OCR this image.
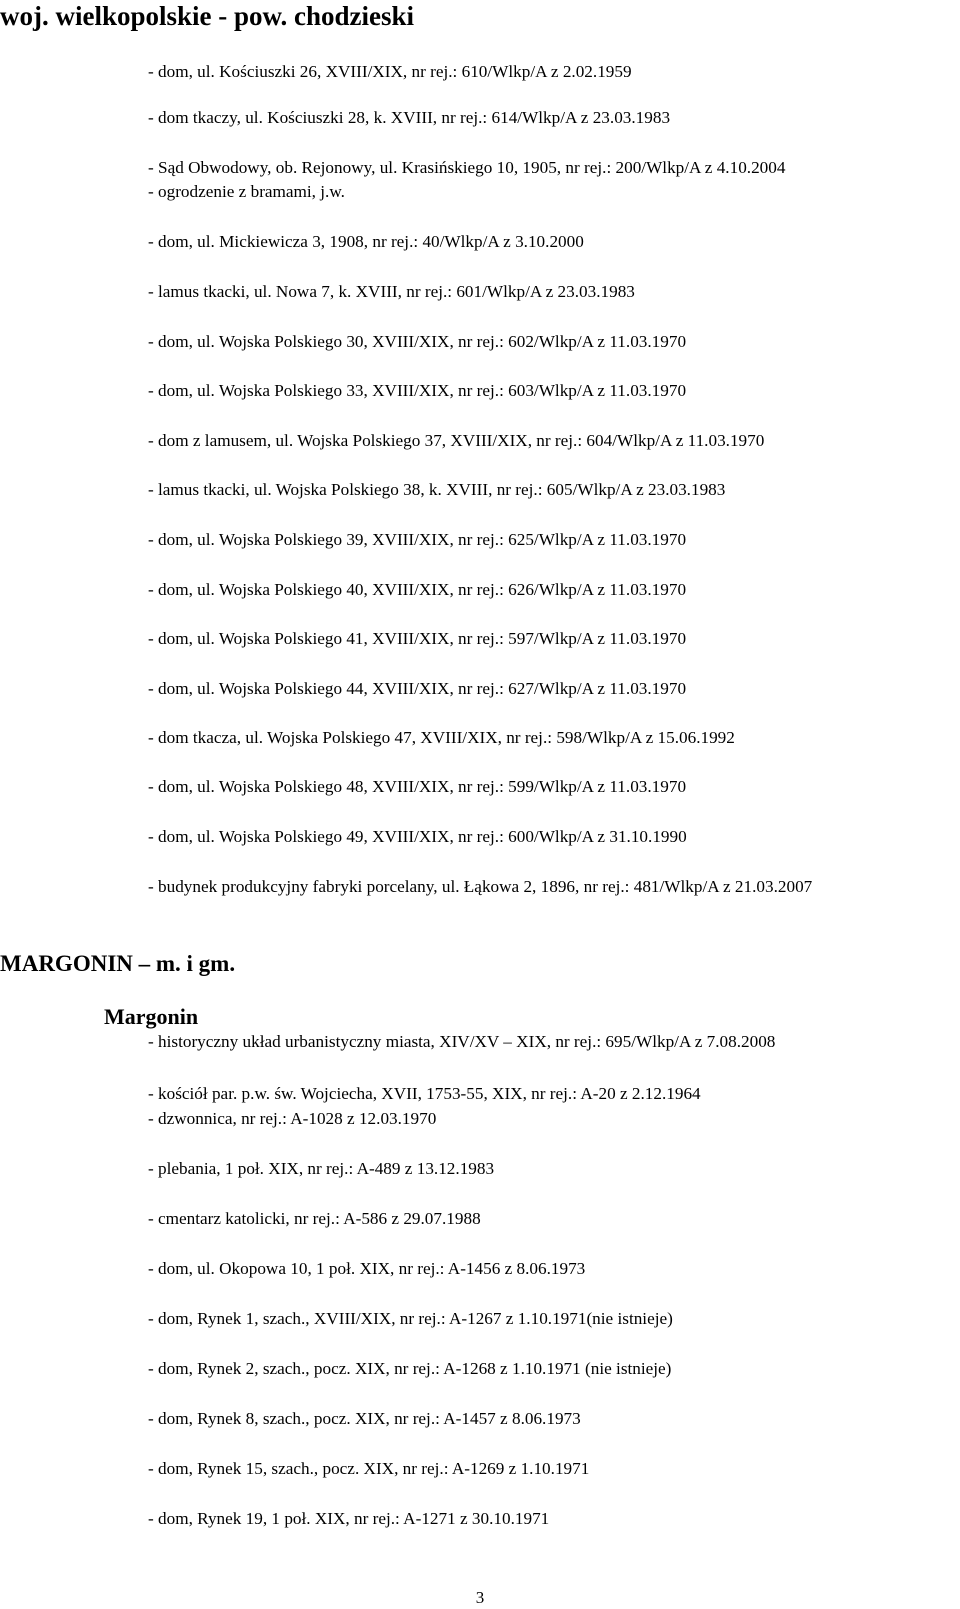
woj. wielkopolskie - pow. chodzieski
- dom, ul. Kościuszki 26, XVIII/XIX, nr rej.: 610/Wlkp/A z 2.02.1959
- dom tkaczy, ul. Kościuszki 28, k. XVIII, nr rej.: 614/Wlkp/A z 23.03.1983
- Sąd Obwodowy, ob. Rejonowy, ul. Krasińskiego 10, 1905, nr rej.: 200/Wlkp/A z 4.10.2004
- ogrodzenie z bramami, j.w.
- dom, ul. Mickiewicza 3, 1908, nr rej.: 40/Wlkp/A z 3.10.2000
- lamus tkacki, ul. Nowa 7, k. XVIII, nr rej.: 601/Wlkp/A z 23.03.1983
- dom, ul. Wojska Polskiego 30, XVIII/XIX, nr rej.: 602/Wlkp/A z 11.03.1970
- dom, ul. Wojska Polskiego 33, XVIII/XIX, nr rej.: 603/Wlkp/A z 11.03.1970
- dom z lamusem, ul. Wojska Polskiego 37, XVIII/XIX, nr rej.: 604/Wlkp/A z 11.03.1970
- lamus tkacki, ul. Wojska Polskiego 38, k. XVIII, nr rej.: 605/Wlkp/A z 23.03.1983
- dom, ul. Wojska Polskiego 39, XVIII/XIX, nr rej.: 625/Wlkp/A z 11.03.1970
- dom, ul. Wojska Polskiego 40, XVIII/XIX, nr rej.: 626/Wlkp/A z 11.03.1970
- dom, ul. Wojska Polskiego 41, XVIII/XIX, nr rej.: 597/Wlkp/A z 11.03.1970
- dom, ul. Wojska Polskiego 44, XVIII/XIX, nr rej.: 627/Wlkp/A z 11.03.1970
- dom tkacza, ul. Wojska Polskiego 47, XVIII/XIX, nr rej.: 598/Wlkp/A z 15.06.1992
- dom, ul. Wojska Polskiego 48, XVIII/XIX, nr rej.: 599/Wlkp/A z 11.03.1970
- dom, ul. Wojska Polskiego 49, XVIII/XIX, nr rej.: 600/Wlkp/A z 31.10.1990
- budynek produkcyjny fabryki porcelany, ul. Łąkowa 2, 1896, nr rej.: 481/Wlkp/A z 21.03.2007
MARGONIN – m. i gm.
Margonin
- historyczny układ urbanistyczny miasta, XIV/XV – XIX, nr rej.: 695/Wlkp/A z 7.08.2008
- kościół par. p.w. św. Wojciecha, XVII, 1753-55, XIX, nr rej.: A-20 z 2.12.1964
- dzwonnica, nr rej.: A-1028 z 12.03.1970
- plebania, 1 poł. XIX, nr rej.: A-489 z 13.12.1983
- cmentarz katolicki, nr rej.: A-586 z 29.07.1988
- dom, ul. Okopowa 10, 1 poł. XIX, nr rej.: A-1456 z 8.06.1973
- dom, Rynek 1, szach., XVIII/XIX, nr rej.: A-1267 z 1.10.1971(nie istnieje)
- dom, Rynek 2, szach., pocz. XIX, nr rej.: A-1268 z 1.10.1971 (nie istnieje)
- dom, Rynek 8, szach., pocz. XIX, nr rej.: A-1457 z 8.06.1973
- dom, Rynek 15, szach., pocz. XIX, nr rej.: A-1269 z 1.10.1971
- dom, Rynek 19, 1 poł. XIX, nr rej.: A-1271 z 30.10.1971
3
